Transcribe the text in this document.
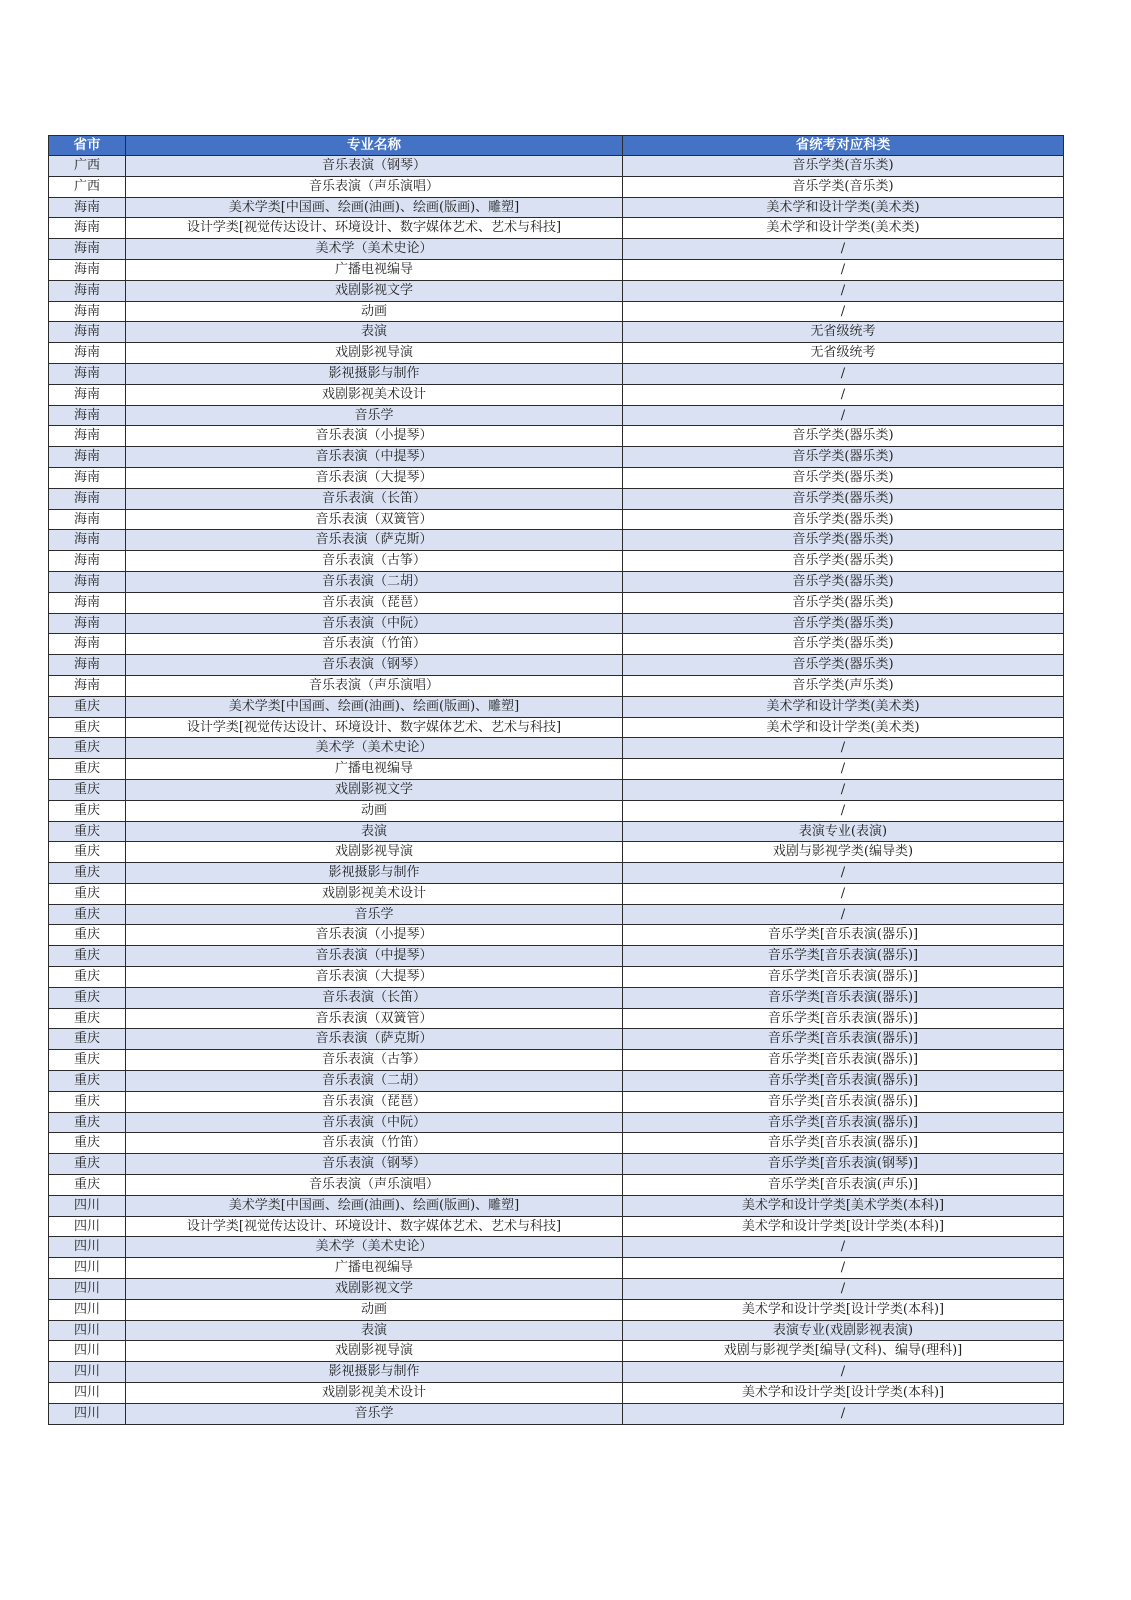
省市	专业名称	省统考对应科类
广西	音乐表演（钢琴）	音乐学类(音乐类)
广西	音乐表演（声乐演唱）	音乐学类(音乐类)
海南	美术学类[中国画、绘画(油画)、绘画(版画)、雕塑]	美术学和设计学类(美术类)
海南	设计学类[视觉传达设计、环境设计、数字媒体艺术、艺术与科技]	美术学和设计学类(美术类)
海南	美术学（美术史论）	/
海南	广播电视编导	/
海南	戏剧影视文学	/
海南	动画	/
海南	表演	无省级统考
海南	戏剧影视导演	无省级统考
海南	影视摄影与制作	/
海南	戏剧影视美术设计	/
海南	音乐学	/
海南	音乐表演（小提琴）	音乐学类(器乐类)
海南	音乐表演（中提琴）	音乐学类(器乐类)
海南	音乐表演（大提琴）	音乐学类(器乐类)
海南	音乐表演（长笛）	音乐学类(器乐类)
海南	音乐表演（双簧管）	音乐学类(器乐类)
海南	音乐表演（萨克斯）	音乐学类(器乐类)
海南	音乐表演（古筝）	音乐学类(器乐类)
海南	音乐表演（二胡）	音乐学类(器乐类)
海南	音乐表演（琵琶）	音乐学类(器乐类)
海南	音乐表演（中阮）	音乐学类(器乐类)
海南	音乐表演（竹笛）	音乐学类(器乐类)
海南	音乐表演（钢琴）	音乐学类(器乐类)
海南	音乐表演（声乐演唱）	音乐学类(声乐类)
重庆	美术学类[中国画、绘画(油画)、绘画(版画)、雕塑]	美术学和设计学类(美术类)
重庆	设计学类[视觉传达设计、环境设计、数字媒体艺术、艺术与科技]	美术学和设计学类(美术类)
重庆	美术学（美术史论）	/
重庆	广播电视编导	/
重庆	戏剧影视文学	/
重庆	动画	/
重庆	表演	表演专业(表演)
重庆	戏剧影视导演	戏剧与影视学类(编导类)
重庆	影视摄影与制作	/
重庆	戏剧影视美术设计	/
重庆	音乐学	/
重庆	音乐表演（小提琴）	音乐学类[音乐表演(器乐)]
重庆	音乐表演（中提琴）	音乐学类[音乐表演(器乐)]
重庆	音乐表演（大提琴）	音乐学类[音乐表演(器乐)]
重庆	音乐表演（长笛）	音乐学类[音乐表演(器乐)]
重庆	音乐表演（双簧管）	音乐学类[音乐表演(器乐)]
重庆	音乐表演（萨克斯）	音乐学类[音乐表演(器乐)]
重庆	音乐表演（古筝）	音乐学类[音乐表演(器乐)]
重庆	音乐表演（二胡）	音乐学类[音乐表演(器乐)]
重庆	音乐表演（琵琶）	音乐学类[音乐表演(器乐)]
重庆	音乐表演（中阮）	音乐学类[音乐表演(器乐)]
重庆	音乐表演（竹笛）	音乐学类[音乐表演(器乐)]
重庆	音乐表演（钢琴）	音乐学类[音乐表演(钢琴)]
重庆	音乐表演（声乐演唱）	音乐学类[音乐表演(声乐)]
四川	美术学类[中国画、绘画(油画)、绘画(版画)、雕塑]	美术学和设计学类[美术学类(本科)]
四川	设计学类[视觉传达设计、环境设计、数字媒体艺术、艺术与科技]	美术学和设计学类[设计学类(本科)]
四川	美术学（美术史论）	/
四川	广播电视编导	/
四川	戏剧影视文学	/
四川	动画	美术学和设计学类[设计学类(本科)]
四川	表演	表演专业(戏剧影视表演)
四川	戏剧影视导演	戏剧与影视学类[编导(文科)、编导(理科)]
四川	影视摄影与制作	/
四川	戏剧影视美术设计	美术学和设计学类[设计学类(本科)]
四川	音乐学	/
